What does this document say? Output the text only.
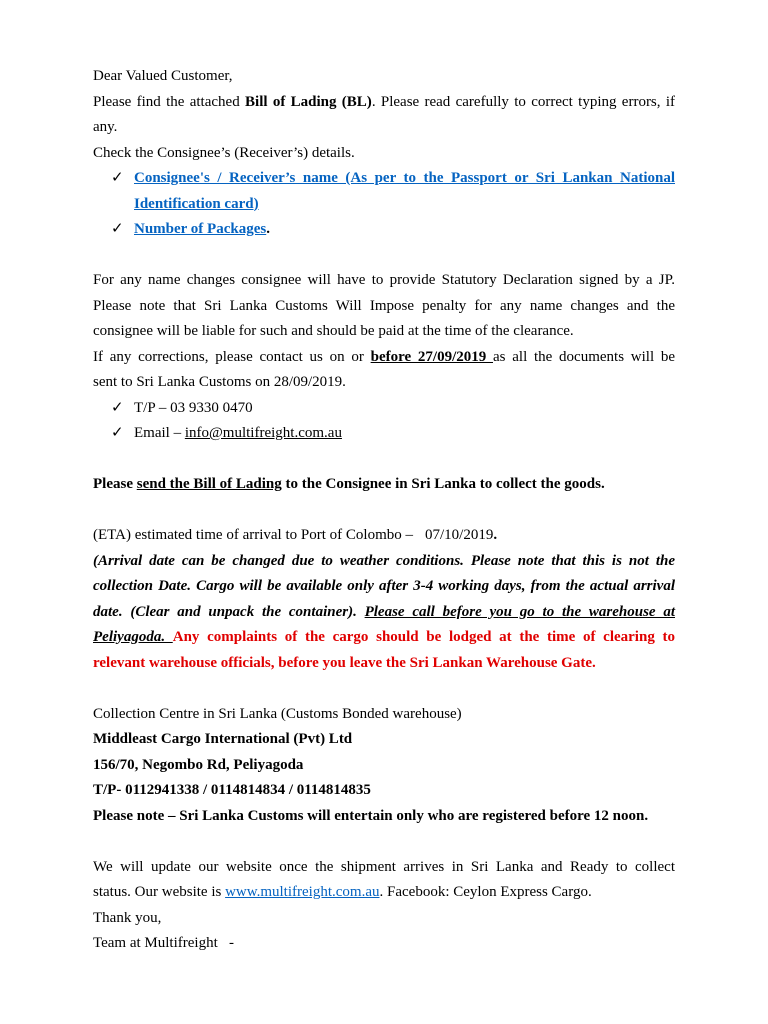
Dear Valued Customer,

Please find the attached Bill of Lading (BL). Please read carefully to correct typing errors, if

any.

Check the Consignee’s (Receiver’s) details.

✓ Consignee's / Receiver’s name (As per to the Passport or Sri Lankan National

Identification card)

✓ Number of Packages.

For any name changes consignee will have to provide Statutory Declaration signed by a JP.

Please note that Sri Lanka Customs Will Impose penalty for any name changes and the

consignee will be liable for such and should be paid at the time of the clearance.

If any corrections, please contact us on or before 27/09/2019 as all the documents will be

sent to Sri Lanka Customs on 28/09/2019.

✓ T/P – 03 9330 0470

✓ Email – info@multifreight.com.au

Please send the Bill of Lading to the Consignee in Sri Lanka to collect the goods.

(ETA) estimated time of arrival to Port of Colombo – 07/10/2019.

(Arrival date can be changed due to weather conditions. Please note that this is not the

collection Date. Cargo will be available only after 3-4 working days, from the actual arrival

date. (Clear and unpack the container). Please call before you go to the warehouse at

Peliyagoda. Any complaints of the cargo should be lodged at the time of clearing to

relevant warehouse officials, before you leave the Sri Lankan Warehouse Gate.

Collection Centre in Sri Lanka (Customs Bonded warehouse)

Middleast Cargo International (Pvt) Ltd

156/70, Negombo Rd, Peliyagoda

T/P- 0112941338 / 0114814834 / 0114814835

Please note – Sri Lanka Customs will entertain only who are registered before 12 noon.

We will update our website once the shipment arrives in Sri Lanka and Ready to collect

status. Our website is www.multifreight.com.au. Facebook: Ceylon Express Cargo.

Thank you,

Team at Multifreight   -
